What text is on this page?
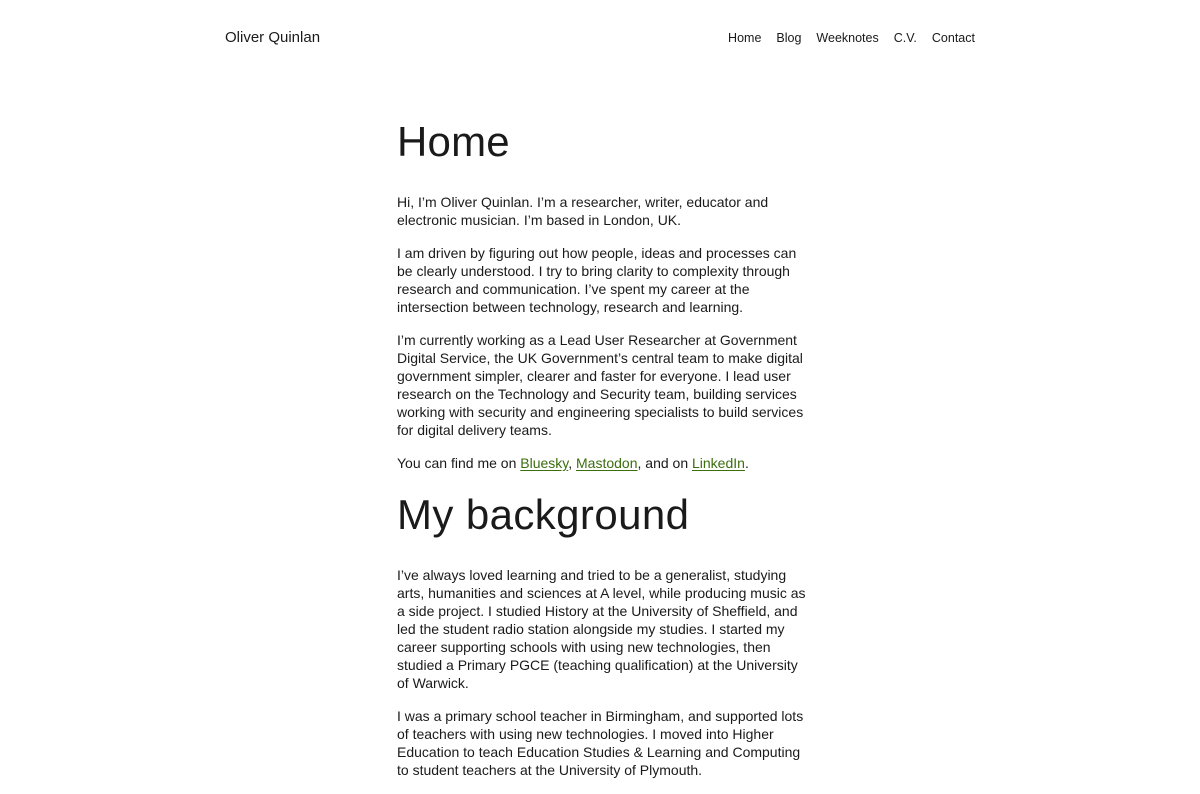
Oliver Quinlan	Home Blog Weeknotes C.V. Contact
Home

Hi, I’m Oliver Quinlan. I’m a researcher, writer, educator and electronic musician. I’m based in London, UK.

I am driven by figuring out how people, ideas and processes can be clearly understood. I try to bring clarity to complexity through research and communication. I’ve spent my career at the intersection between technology, research and learning.

I’m currently working as a Lead User Researcher at Government Digital Service, the UK Government’s central team to make digital government simpler, clearer and faster for everyone. I lead user research on the Technology and Security team, building services working with security and engineering specialists to build services for digital delivery teams.

You can find me on Bluesky, Mastodon, and on LinkedIn.

My background

I’ve always loved learning and tried to be a generalist, studying arts, humanities and sciences at A level, while producing music as a side project. I studied History at the University of Sheffield, and led the student radio station alongside my studies. I started my career supporting schools with using new technologies, then studied a Primary PGCE (teaching qualification) at the University of Warwick.

I was a primary school teacher in Birmingham, and supported lots of teachers with using new technologies. I moved into Higher Education to teach Education Studies & Learning and Computing to student teachers at the University of Plymouth.
